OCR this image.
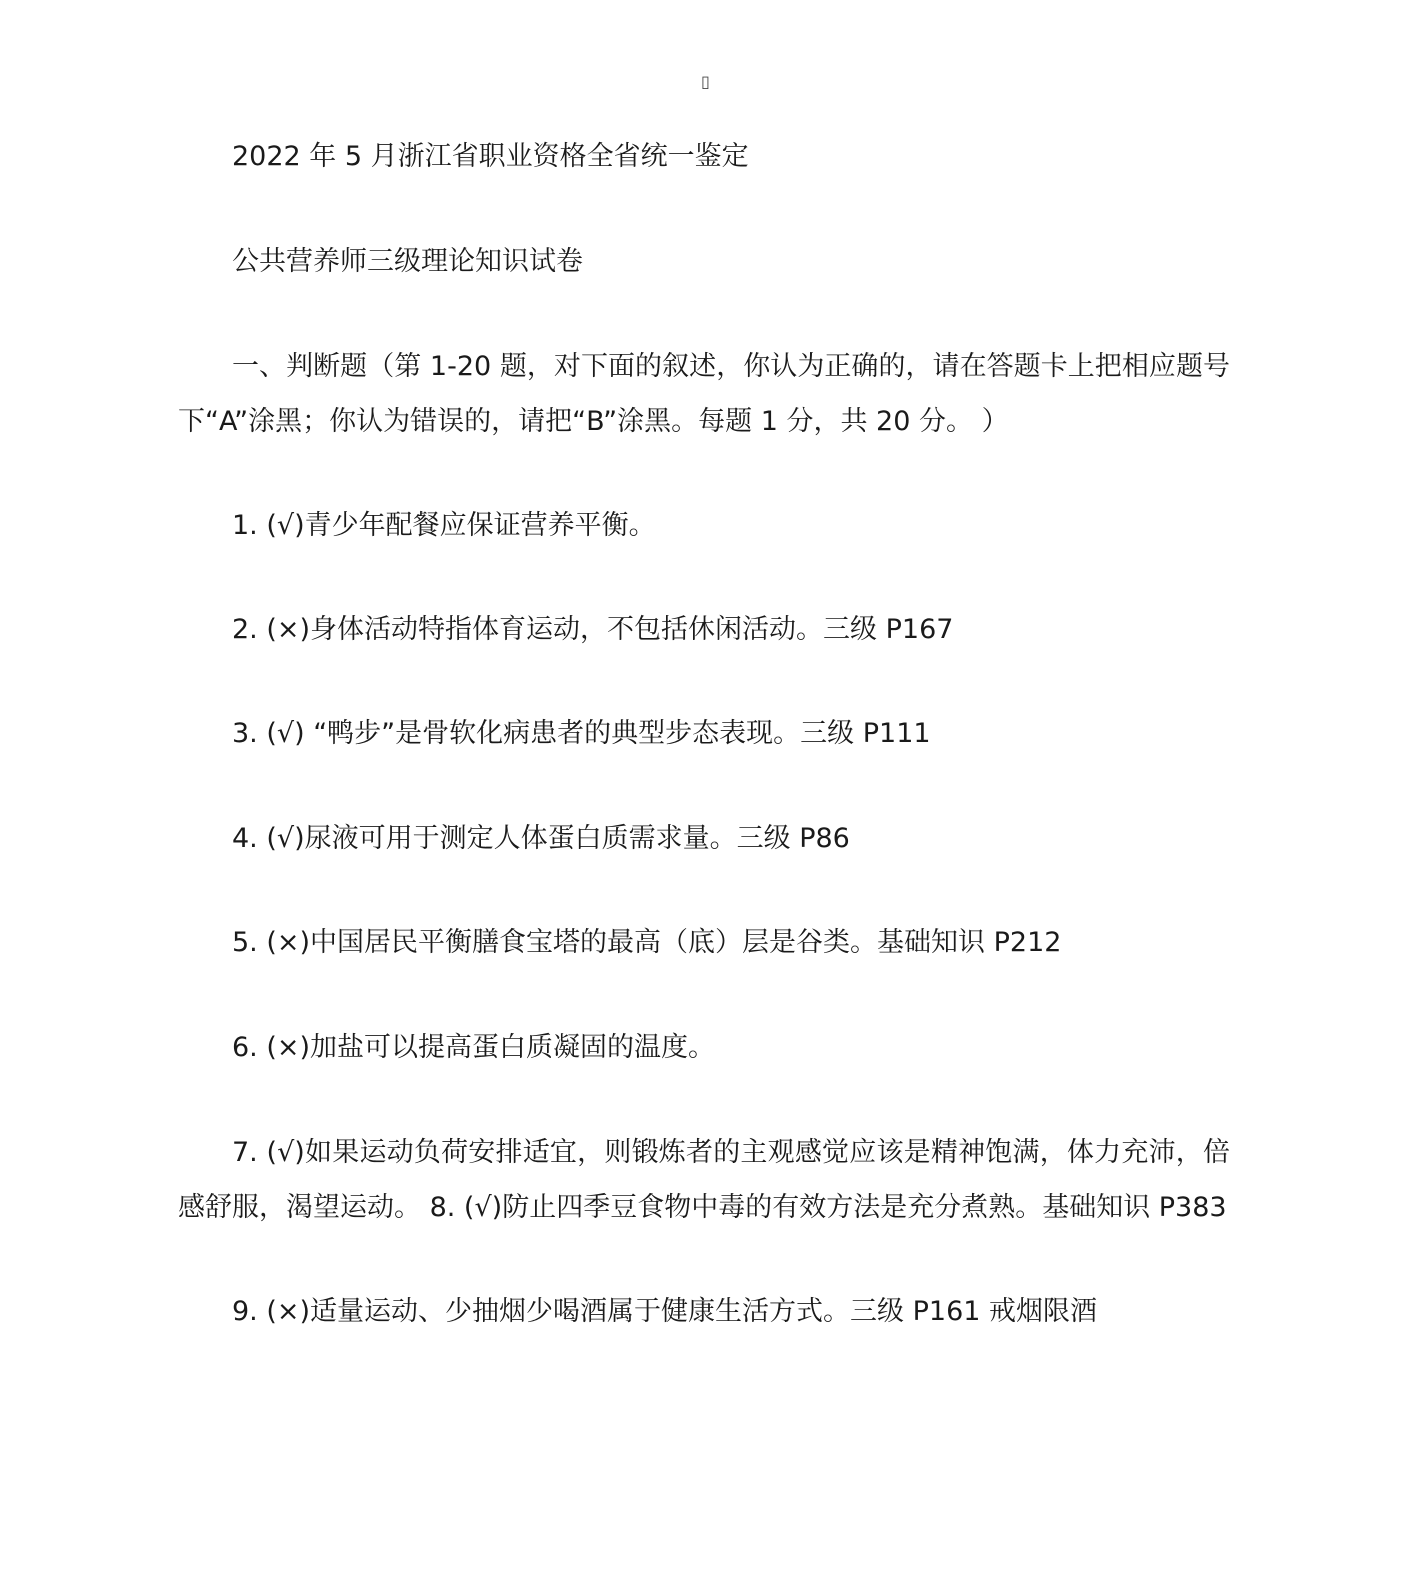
▯
2022 年 5 月浙江省职业资格全省统一鉴定
公共营养师三级理论知识试卷
一、判断题（第 1-20 题，对下面的叙述，你认为正确的，请在答题卡上把相应题号下“A”涂黑；你认为错误的，请把“B”涂黑。每题 1 分，共 20 分。 ）
1. (√)青少年配餐应保证营养平衡。
2. (×)身体活动特指体育运动，不包括休闲活动。三级 P167
3. (√) “鸭步”是骨软化病患者的典型步态表现。三级 P111
4. (√)尿液可用于测定人体蛋白质需求量。三级 P86
5. (×)中国居民平衡膳食宝塔的最高（底）层是谷类。基础知识 P212
6. (×)加盐可以提高蛋白质凝固的温度。
7. (√)如果运动负荷安排适宜，则锻炼者的主观感觉应该是精神饱满，体力充沛，倍感舒服，渴望运动。 8. (√)防止四季豆食物中毒的有效方法是充分煮熟。基础知识 P383
9. (×)适量运动、少抽烟少喝酒属于健康生活方式。三级 P161 戒烟限酒
